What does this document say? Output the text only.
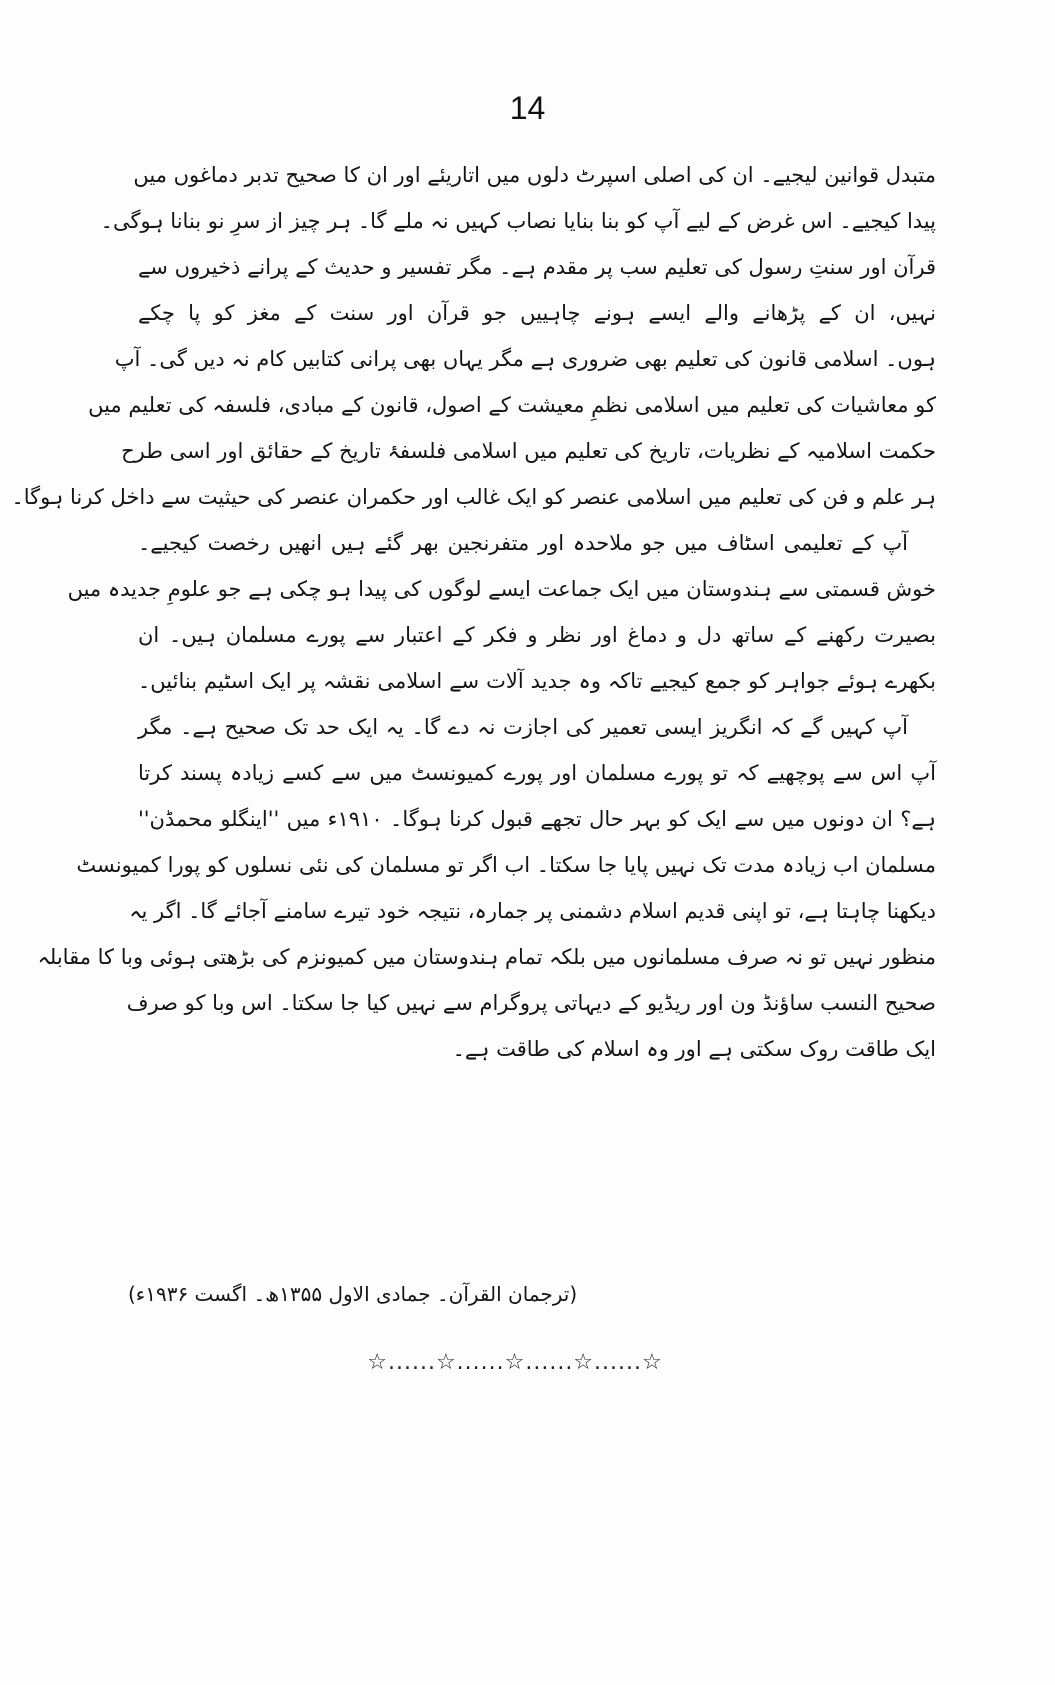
14
متبدل قوانین لیجیے۔ ان کی اصلی اسپرٹ دلوں میں اتاریئے اور ان کا صحیح تدبر دماغوں میں
پیدا کیجیے۔ اس غرض کے لیے آپ کو بنا بنایا نصاب کہیں نہ ملے گا۔ ہر چیز از سرِ نو بنانا ہوگی۔
قرآن اور سنتِ رسول کی تعلیم سب پر مقدم ہے۔ مگر تفسیر و حدیث کے پرانے ذخیروں سے
نہیں، ان کے پڑھانے والے ایسے ہونے چاہییں جو قرآن اور سنت کے مغز کو پا چکے
ہوں۔ اسلامی قانون کی تعلیم بھی ضروری ہے مگر یہاں بھی پرانی کتابیں کام نہ دیں گی۔ آپ
کو معاشیات کی تعلیم میں اسلامی نظمِ معیشت کے اصول، قانون کے مبادی، فلسفہ کی تعلیم میں
حکمت اسلامیہ کے نظریات، تاریخ کی تعلیم میں اسلامی فلسفۂ تاریخ کے حقائق اور اسی طرح
ہر علم و فن کی تعلیم میں اسلامی عنصر کو ایک غالب اور حکمران عنصر کی حیثیت سے داخل کرنا ہوگا۔
آپ کے تعلیمی اسٹاف میں جو ملاحدہ اور متفرنجین بھر گئے ہیں انھیں رخصت کیجیے۔
خوش قسمتی سے ہندوستان میں ایک جماعت ایسے لوگوں کی پیدا ہو چکی ہے جو علومِ جدیدہ میں
بصیرت رکھنے کے ساتھ دل و دماغ اور نظر و فکر کے اعتبار سے پورے مسلمان ہیں۔ ان
بکھرے ہوئے جواہر کو جمع کیجیے تاکہ وہ جدید آلات سے اسلامی نقشہ پر ایک اسٹیم بنائیں۔
آپ کہیں گے کہ انگریز ایسی تعمیر کی اجازت نہ دے گا۔ یہ ایک حد تک صحیح ہے۔ مگر
آپ اس سے پوچھیے کہ تو پورے مسلمان اور پورے کمیونسٹ میں سے کسے زیادہ پسند کرتا
ہے؟ ان دونوں میں سے ایک کو بہر حال تجھے قبول کرنا ہوگا۔ ۱۹۱۰ء میں ''اینگلو محمڈن''
مسلمان اب زیادہ مدت تک نہیں پایا جا سکتا۔ اب اگر تو مسلمان کی نئی نسلوں کو پورا کمیونسٹ
دیکھنا چاہتا ہے، تو اپنی قدیم اسلام دشمنی پر جمارہ، نتیجہ خود تیرے سامنے آجائے گا۔ اگر یہ
منظور نہیں تو نہ صرف مسلمانوں میں بلکہ تمام ہندوستان میں کمیونزم کی بڑھتی ہوئی وبا کا مقابلہ
صحیح النسب ساؤنڈ ون اور ریڈیو کے دیہاتی پروگرام سے نہیں کیا جا سکتا۔ اس وبا کو صرف
ایک طاقت روک سکتی ہے اور وہ اسلام کی طاقت ہے۔
(ترجمان القرآن۔ جمادی الاول ۱۳۵۵ھ۔ اگست ۱۹۳۶ء)
☆......☆......☆......☆......☆
